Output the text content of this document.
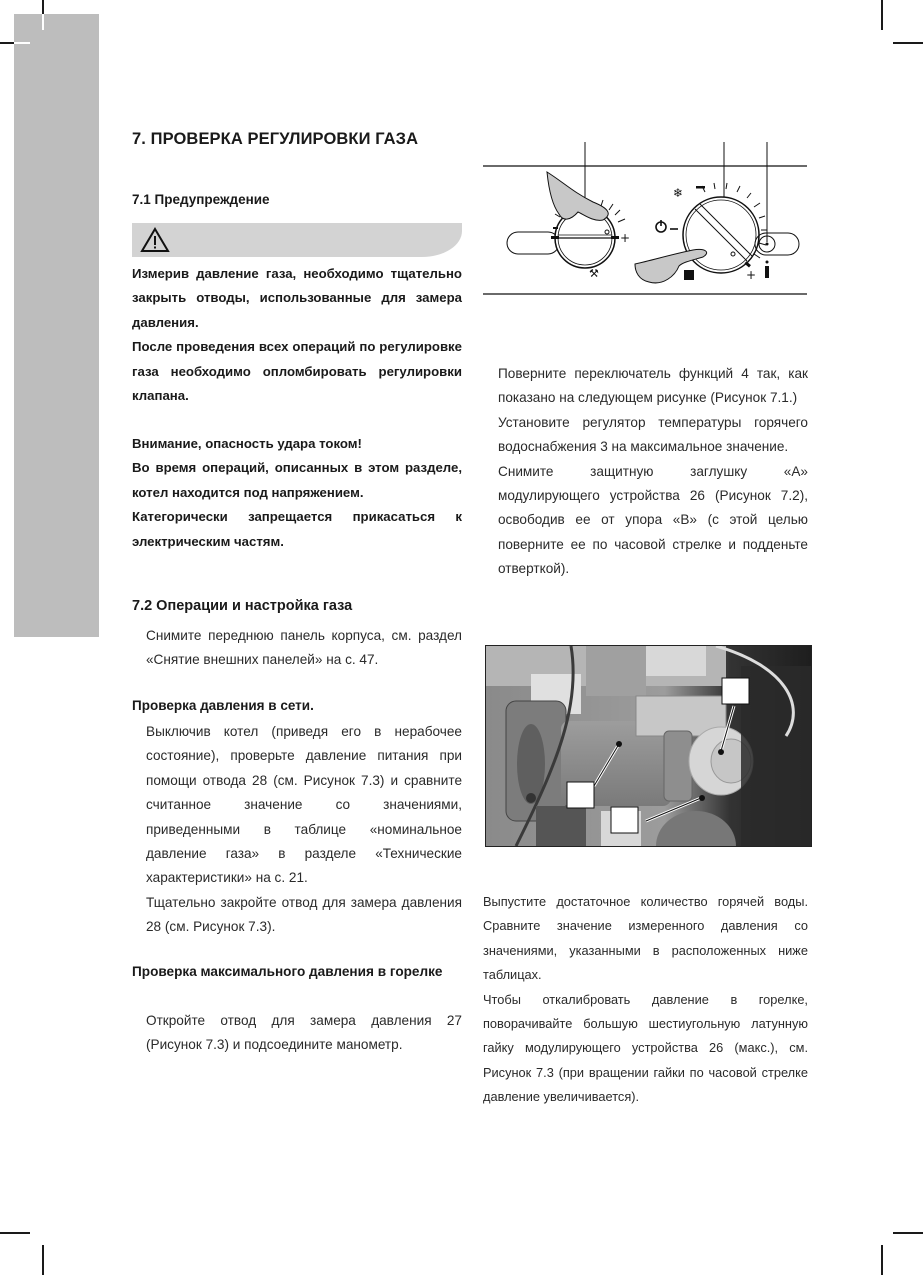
7. ПРОВЕРКА РЕГУЛИРОВКИ ГАЗА
7.1 Предупреждение

Измерив давление газа, необходимо тщательно закрыть отводы, использованные для замера давления.

После проведения всех операций по регулировке газа необходимо опломбировать регулировки клапана.

Внимание, опасность удара током!

Во время операций, описанных в этом разделе, котел находится под напряжением.

Категорически запрещается прикасаться к электрическим частям.

7.2 Операции и настройка газа

Снимите переднюю панель корпуса, см. раздел «Снятие внешних панелей» на с. 47.

Проверка давления в сети.

Выключив котел (приведя его в нерабочее состояние), проверьте давление питания при помощи отвода 28 (см. Рисунок 7.3) и сравните считанное значение со значениями, приведенными в таблице «номинальное давление газа» в разделе «Технические характеристики» на с. 21.

Тщательно закройте отвод для замера давления 28 (см. Рисунок 7.3).

Проверка максимального давления в горелке

Откройте отвод для замера давления 27 (Рисунок 7.3) и подсоедините манометр.

+
⚒
❄
+

Поверните переключатель функций 4 так, как показано на следующем рисунке (Рисунок 7.1.)

Установите регулятор температуры горячего водоснабжения 3 на максимальное значение.

Снимите защитную заглушку «А» модулирующего устройства 26 (Рисунок 7.2), освободив ее от упора «В» (с этой целью поверните ее по часовой стрелке и подденьте отверткой).

Выпустите достаточное количество горячей воды. Сравните значение измеренного давления со значениями, указанными в расположенных ниже таблицах.

Чтобы откалибровать давление в горелке, поворачивайте большую шестиугольную латунную гайку модулирующего устройства 26 (макс.), см. Рисунок 7.3 (при вращении гайки по часовой стрелке давление увеличивается).
